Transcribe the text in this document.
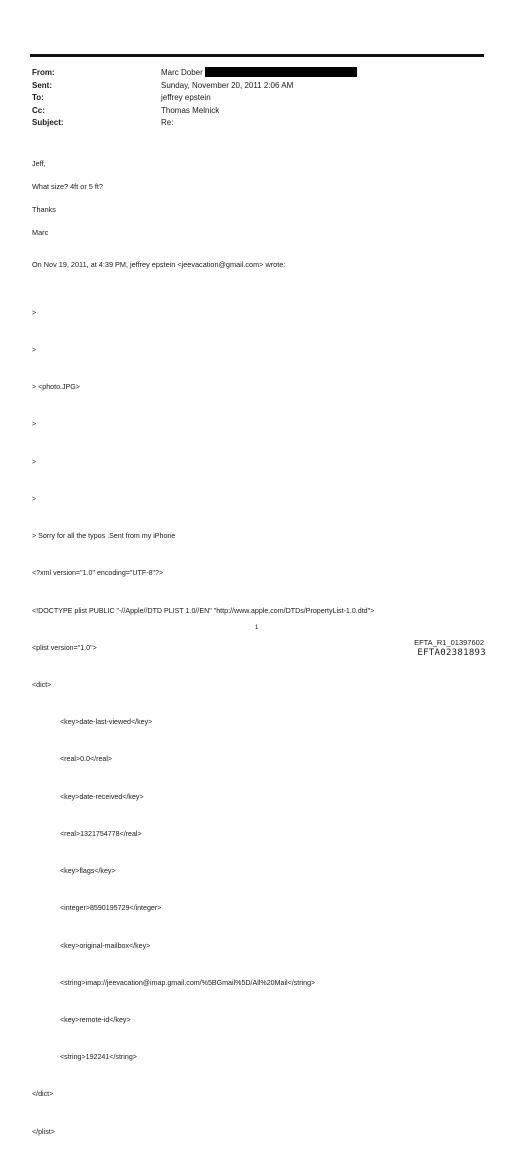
From:
Sent:
To:
Cc:
Subject:
Marc Dober
Sunday, November 20, 2011 2:06 AM
jeffrey epstein
Thomas Melnick
Re:
Jeff,
What size? 4ft or 5 ft?
Thanks
Marc
On Nov 19, 2011, at 4:39 PM, jeffrey epstein <jeevacation@gmail.com> wrote:

>

>

> <photo.JPG>

>

>

>

> Sorry for all the typos .Sent from my iPhone

<?xml version="1.0" encoding="UTF-8"?>

<!DOCTYPE plist PUBLIC "-//Apple//DTD PLIST 1.0//EN" "http://www.apple.com/DTDs/PropertyList-1.0.dtd">

<plist version="1.0">

<dict>

<key>date-last-viewed</key>

<real>0.0</real>

<key>date-received</key>

<real>1321754778</real>

<key>flags</key>

<integer>8590195729</integer>

<key>original-mailbox</key>

<string>imap://jeevacation@imap.gmail.com/%5BGmail%5D/All%20Mail</string>

<key>remote-id</key>

<string>192241</string>

</dict>

</plist>

1
EFTA_R1_01397602
EFTA02381893
